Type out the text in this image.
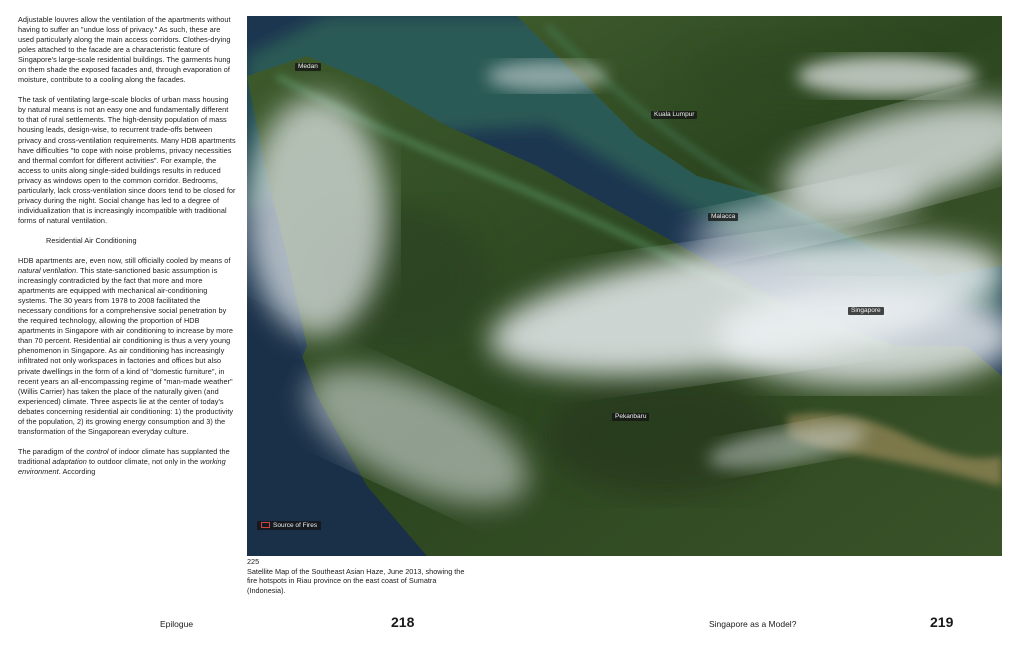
Adjustable louvres allow the ventilation of the apartments without having to suffer an "undue loss of privacy." As such, these are used particularly along the main access corridors. Clothes-drying poles attached to the facade are a characteristic feature of Singapore's large-scale residential buildings. The garments hung on them shade the exposed facades and, through evaporation of moisture, contribute to a cooling along the facades.

The task of ventilating large-scale blocks of urban mass housing by natural means is not an easy one and fundamentally different to that of rural settlements. The high-density population of mass housing leads, design-wise, to recurrent trade-offs between privacy and cross-ventilation requirements. Many HDB apartments have difficulties "to cope with noise problems, privacy necessities and thermal comfort for different activities". For example, the access to units along single-sided buildings results in reduced privacy as windows open to the common corridor. Bedrooms, particularly, lack cross-ventilation since doors tend to be closed for privacy during the night. Social change has led to a degree of individualization that is increasingly incompatible with traditional forms of natural ventilation.

Residential Air Conditioning

HDB apartments are, even now, still officially cooled by means of natural ventilation. This state-sanctioned basic assumption is increasingly contradicted by the fact that more and more apartments are equipped with mechanical air-conditioning systems. The 30 years from 1978 to 2008 facilitated the necessary conditions for a comprehensive social penetration by the required technology, allowing the proportion of HDB apartments in Singapore with air conditioning to increase by more than 70 percent. Residential air conditioning is thus a very young phenomenon in Singapore. As air conditioning has increasingly infiltrated not only workspaces in factories and offices but also private dwellings in the form of a kind of "domestic furniture", in recent years an all-encompassing regime of "man-made weather" (Willis Carrier) has taken the place of the naturally given (and experienced) climate. Three aspects lie at the center of today's debates concerning residential air conditioning: 1) the productivity of the population, 2) its growing energy consumption and 3) the transformation of the Singaporean everyday culture.

The paradigm of the control of indoor climate has supplanted the traditional adaptation to outdoor climate, not only in the working environment. According

Medan
Kuala Lumpur
Malacca
Singapore
Pekanbaru
Source of Fires
225
Satellite Map of the Southeast Asian Haze, June 2013, showing the fire hotspots in Riau province on the east coast of Sumatra (Indonesia).
Epilogue	218	Singapore as a Model?	219
